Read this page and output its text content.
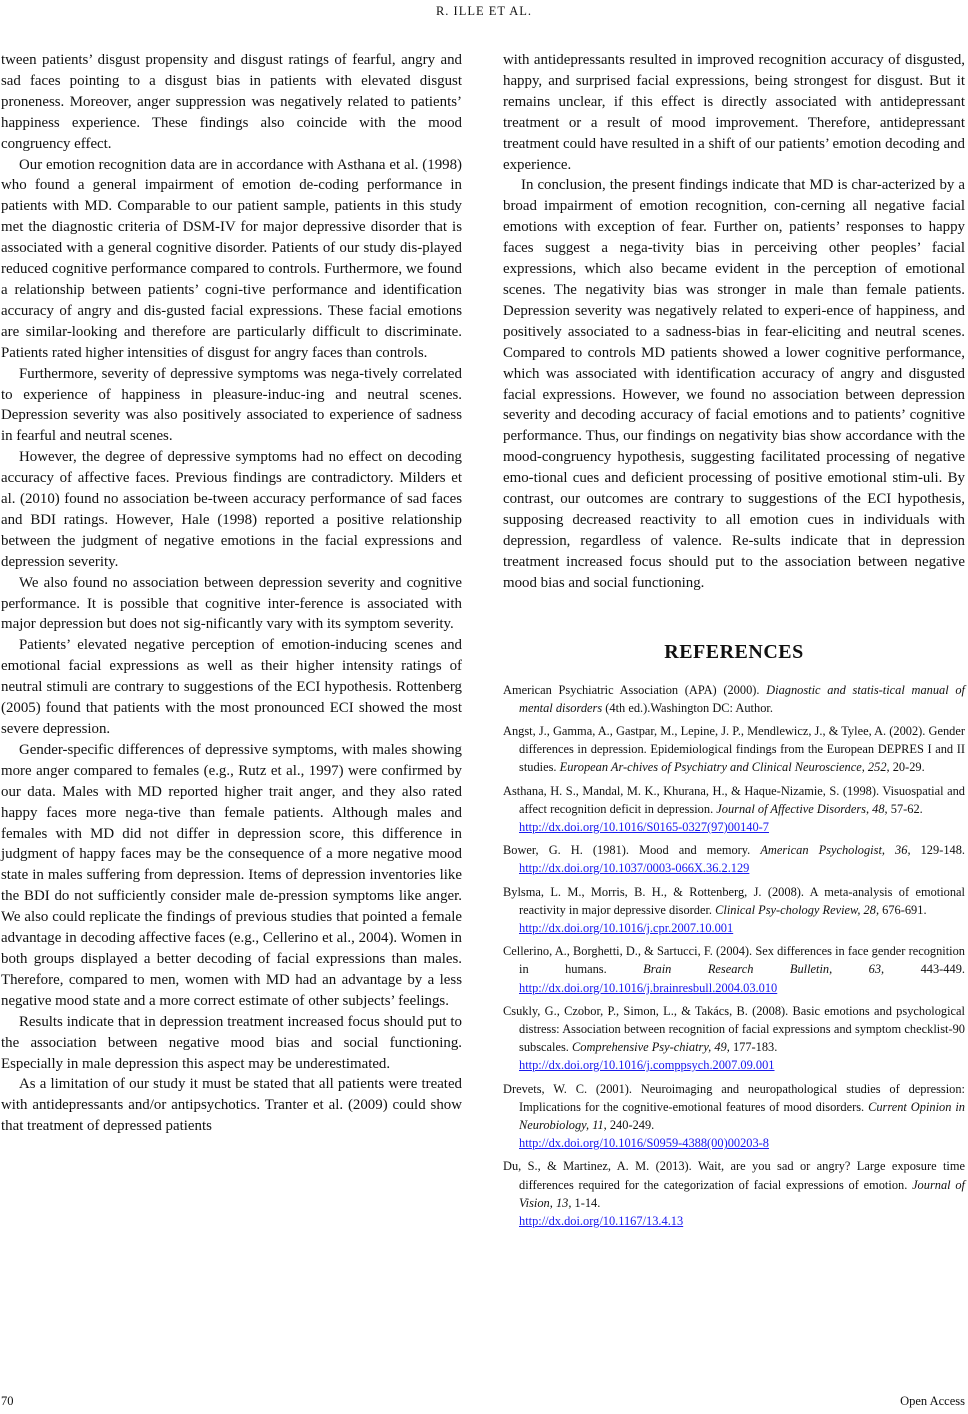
R. ILLE ET AL.

tween patients’ disgust propensity and disgust ratings of fearful, angry and sad faces pointing to a disgust bias in patients with elevated disgust proneness. Moreover, anger suppression was negatively related to patients’ happiness experience. These findings also coincide with the mood congruency effect.

Our emotion recognition data are in accordance with Asthana et al. (1998) who found a general impairment of emotion de-coding performance in patients with MD. Comparable to our patient sample, patients in this study met the diagnostic criteria of DSM-IV for major depressive disorder that is associated with a general cognitive disorder. Patients of our study dis-played reduced cognitive performance compared to controls. Furthermore, we found a relationship between patients’ cogni-tive performance and identification accuracy of angry and dis-gusted facial expressions. These facial emotions are similar-looking and therefore are particularly difficult to discriminate. Patients rated higher intensities of disgust for angry faces than controls.

Furthermore, severity of depressive symptoms was nega-tively correlated to experience of happiness in pleasure-induc-ing and neutral scenes. Depression severity was also positively associated to experience of sadness in fearful and neutral scenes.

However, the degree of depressive symptoms had no effect on decoding accuracy of affective faces. Previous findings are contradictory. Milders et al. (2010) found no association be-tween accuracy performance of sad faces and BDI ratings. However, Hale (1998) reported a positive relationship between the judgment of negative emotions in the facial expressions and depression severity.

We also found no association between depression severity and cognitive performance. It is possible that cognitive inter-ference is associated with major depression but does not sig-nificantly vary with its symptom severity.

Patients’ elevated negative perception of emotion-inducing scenes and emotional facial expressions as well as their higher intensity ratings of neutral stimuli are contrary to suggestions of the ECI hypothesis. Rottenberg (2005) found that patients with the most pronounced ECI showed the most severe depression.

Gender-specific differences of depressive symptoms, with males showing more anger compared to females (e.g., Rutz et al., 1997) were confirmed by our data. Males with MD reported higher trait anger, and they also rated happy faces more nega-tive than female patients. Although males and females with MD did not differ in depression score, this difference in judgment of happy faces may be the consequence of a more negative mood state in males suffering from depression. Items of depression inventories like the BDI do not sufficiently consider male de-pression symptoms like anger. We also could replicate the findings of previous studies that pointed a female advantage in decoding affective faces (e.g., Cellerino et al., 2004). Women in both groups displayed a better decoding of facial expressions than males. Therefore, compared to men, women with MD had an advantage by a less negative mood state and a more correct estimate of other subjects’ feelings.

Results indicate that in depression treatment increased focus should put to the association between negative mood bias and social functioning. Especially in male depression this aspect may be underestimated.

As a limitation of our study it must be stated that all patients were treated with antidepressants and/or antipsychotics. Tranter et al. (2009) could show that treatment of depressed patients

with antidepressants resulted in improved recognition accuracy of disgusted, happy, and surprised facial expressions, being strongest for disgust. But it remains unclear, if this effect is directly associated with antidepressant treatment or a result of mood improvement. Therefore, antidepressant treatment could have resulted in a shift of our patients’ emotion decoding and experience.

In conclusion, the present findings indicate that MD is char-acterized by a broad impairment of emotion recognition, con-cerning all negative facial emotions with exception of fear. Further on, patients’ responses to happy faces suggest a nega-tivity bias in perceiving other peoples’ facial expressions, which also became evident in the perception of emotional scenes. The negativity bias was stronger in male than female patients. Depression severity was negatively related to experi-ence of happiness, and positively associated to a sadness-bias in fear-eliciting and neutral scenes. Compared to controls MD patients showed a lower cognitive performance, which was associated with identification accuracy of angry and disgusted facial expressions. However, we found no association between depression severity and decoding accuracy of facial emotions and to patients’ cognitive performance. Thus, our findings on negativity bias show accordance with the mood-congruency hypothesis, suggesting facilitated processing of negative emo-tional cues and deficient processing of positive emotional stim-uli. By contrast, our outcomes are contrary to suggestions of the ECI hypothesis, supposing decreased reactivity to all emotion cues in individuals with depression, regardless of valence. Re-sults indicate that in depression treatment increased focus should put to the association between negative mood bias and social functioning.

REFERENCES
American Psychiatric Association (APA) (2000). Diagnostic and statis-tical manual of mental disorders (4th ed.).Washington DC: Author.
Angst, J., Gamma, A., Gastpar, M., Lepine, J. P., Mendlewicz, J., & Tylee, A. (2002). Gender differences in depression. Epidemiological findings from the European DEPRES I and II studies. European Ar-chives of Psychiatry and Clinical Neuroscience, 252, 20-29.
Asthana, H. S., Mandal, M. K., Khurana, H., & Haque-Nizamie, S. (1998). Visuospatial and affect recognition deficit in depression. Journal of Affective Disorders, 48, 57-62.
http://dx.doi.org/10.1016/S0165-0327(97)00140-7
Bower, G. H. (1981). Mood and memory. American Psychologist, 36, 129-148. http://dx.doi.org/10.1037/0003-066X.36.2.129
Bylsma, L. M., Morris, B. H., & Rottenberg, J. (2008). A meta-analysis of emotional reactivity in major depressive disorder. Clinical Psy-chology Review, 28, 676-691.
http://dx.doi.org/10.1016/j.cpr.2007.10.001
Cellerino, A., Borghetti, D., & Sartucci, F. (2004). Sex differences in face gender recognition in humans. Brain Research Bulletin, 63, 443-449. http://dx.doi.org/10.1016/j.brainresbull.2004.03.010
Csukly, G., Czobor, P., Simon, L., & Takács, B. (2008). Basic emotions and psychological distress: Association between recognition of facial expressions and symptom checklist-90 subscales. Comprehensive Psy-chiatry, 49, 177-183.
http://dx.doi.org/10.1016/j.comppsych.2007.09.001
Drevets, W. C. (2001). Neuroimaging and neuropathological studies of depression: Implications for the cognitive-emotional features of mood disorders. Current Opinion in Neurobiology, 11, 240-249.
http://dx.doi.org/10.1016/S0959-4388(00)00203-8
Du, S., & Martinez, A. M. (2013). Wait, are you sad or angry? Large exposure time differences required for the categorization of facial expressions of emotion. Journal of Vision, 13, 1-14.
http://dx.doi.org/10.1167/13.4.13
70	Open Access
